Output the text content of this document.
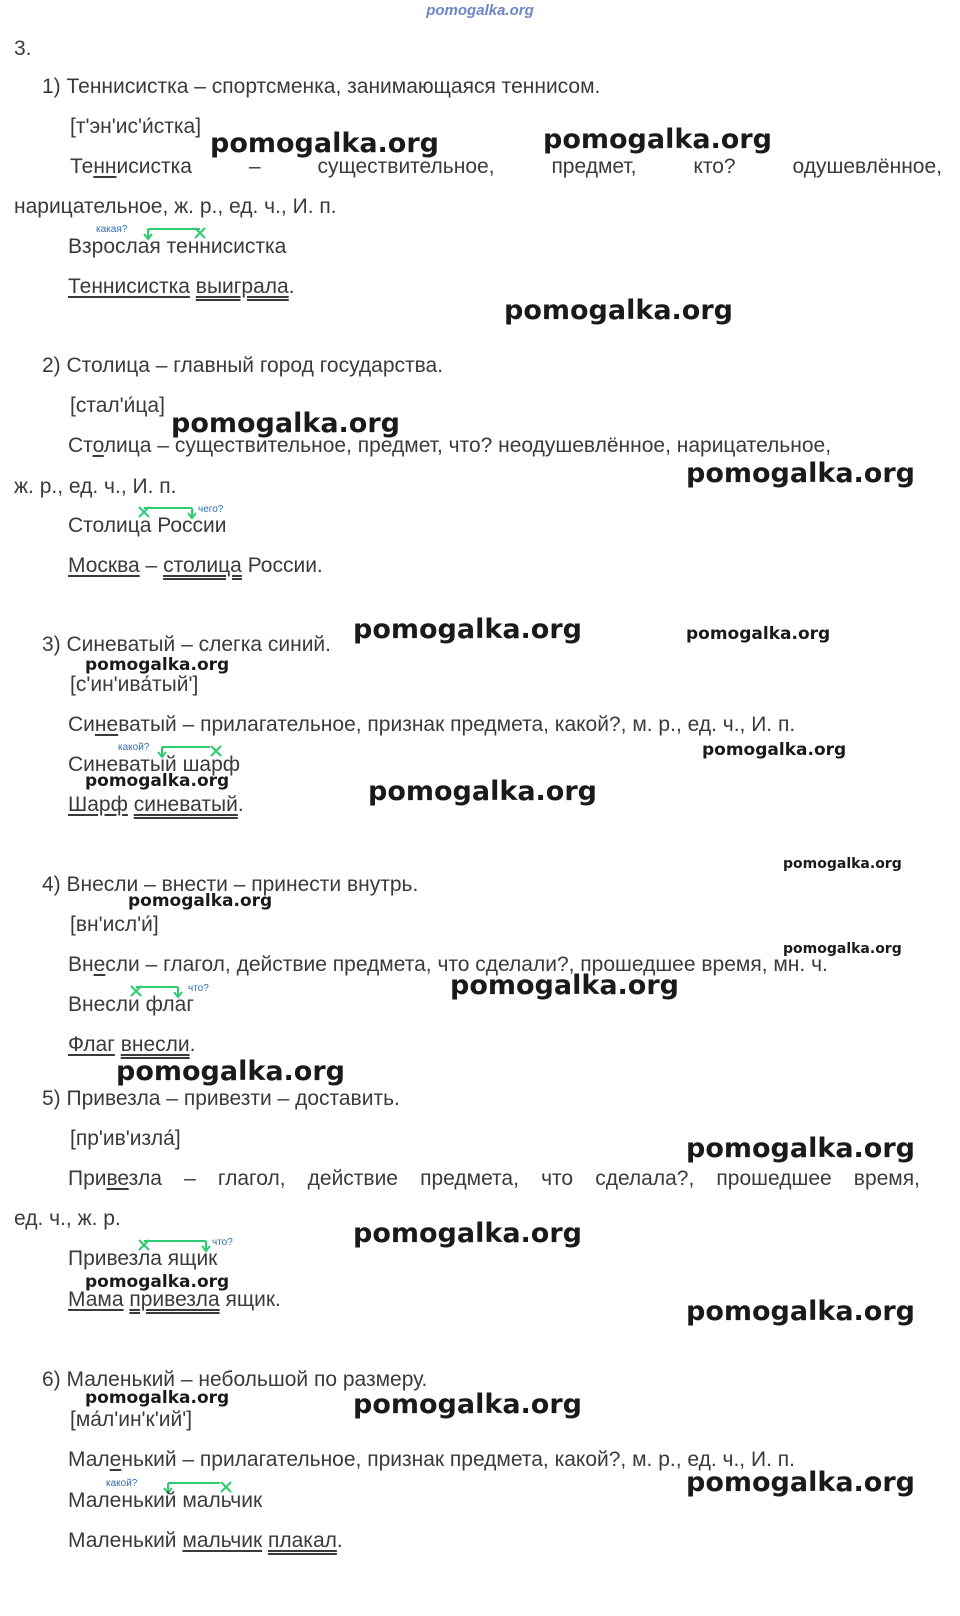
pomogalka.org
3.
1) Теннисистка – спортсменка, занимающаяся теннисом.
[т'эн'ис'и́стка]
Теннисистка	–	существительное,	предмет,	кто?	одушевлённое,
нарицательное, ж. р., ед. ч., И. п.
Взрослая теннисистка
какая?
Теннисистка выиграла.
2) Столица – главный город государства.
[стал'и́ца]
Столица – существительное, предмет, что? неодушевлённое, нарицательное,
ж. р., ед. ч., И. п.
чего?
Столица России
Москва – столица России.
3) Синеватый – слегка синий.
[с'ин'ива́тый']
Синеватый – прилагательное, признак предмета, какой?, м. р., ед. ч., И. п.
какой?
Синеватый шарф
Шарф синеватый.
4) Внесли – внести – принести внутрь.
[вн'исл'и́]
Внесли – глагол, действие предмета, что сделали?, прошедшее время, мн. ч.
что?
Внесли флаг
Флаг внесли.
5) Привезла – привезти – доставить.
[пр'ив'изла́]
Привезла – глагол, действие предмета, что сделала?, прошедшее время,
ед. ч., ж. р.
что?
Привезла ящик
Мама привезла ящик.
6) Маленький – небольшой по размеру.
[ма́л'ин'к'ий']
Маленький – прилагательное, признак предмета, какой?, м. р., ед. ч., И. п.
какой?
Маленький мальчик
Маленький мальчик плакал.
pomogalka.org	pomogalka.org
pomogalka.org
pomogalka.org
pomogalka.org
pomogalka.org	pomogalka.org
pomogalka.org
pomogalka.org
pomogalka.org	pomogalka.org
pomogalka.org
pomogalka.org
pomogalka.org
pomogalka.org
pomogalka.org
pomogalka.org
pomogalka.org
pomogalka.org
pomogalka.org
pomogalka.org	pomogalka.org
pomogalka.org
